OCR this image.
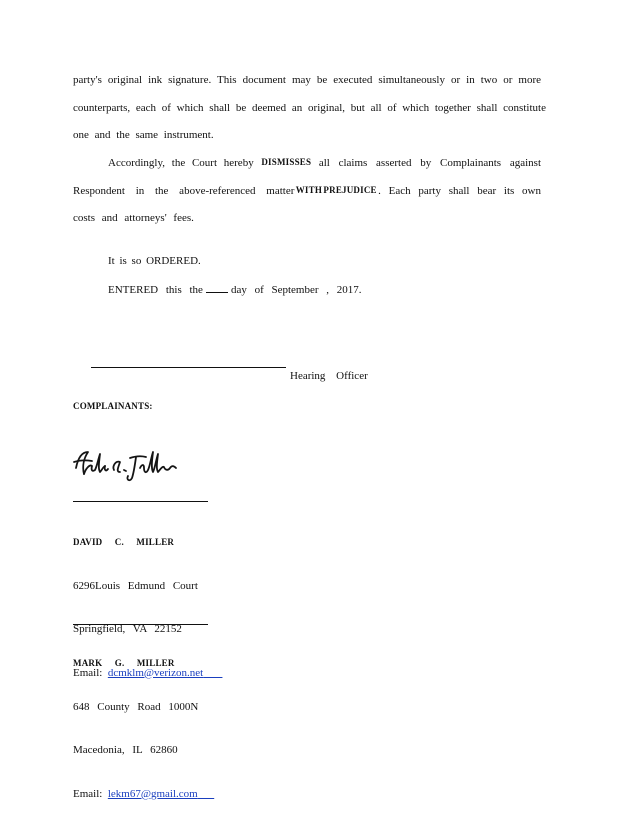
party's original ink signature. This document may be executed simultaneously or in two or more
counterparts, each of which shall be deemed an original, but all of which together shall constitute
one and the same instrument.
Accordingly, the Court hereby DISMISSES all claims asserted by Complainants against
Respondent in the above-referenced matter WITH PREJUDICE . Each party shall bear its own
costs and attorneys' fees.
It is so ORDERED.
ENTERED this the	day of September , 2017.
Hearing Officer
COMPLAINANTS:

DAVID C. MILLER

6296Louis Edmund Court

Springfield, VA 22152

Email: dcmklm@verizon.net

MARK G. MILLER

648 County Road 1000N

Macedonia, IL 62860

Email: lekm67@gmail.com
